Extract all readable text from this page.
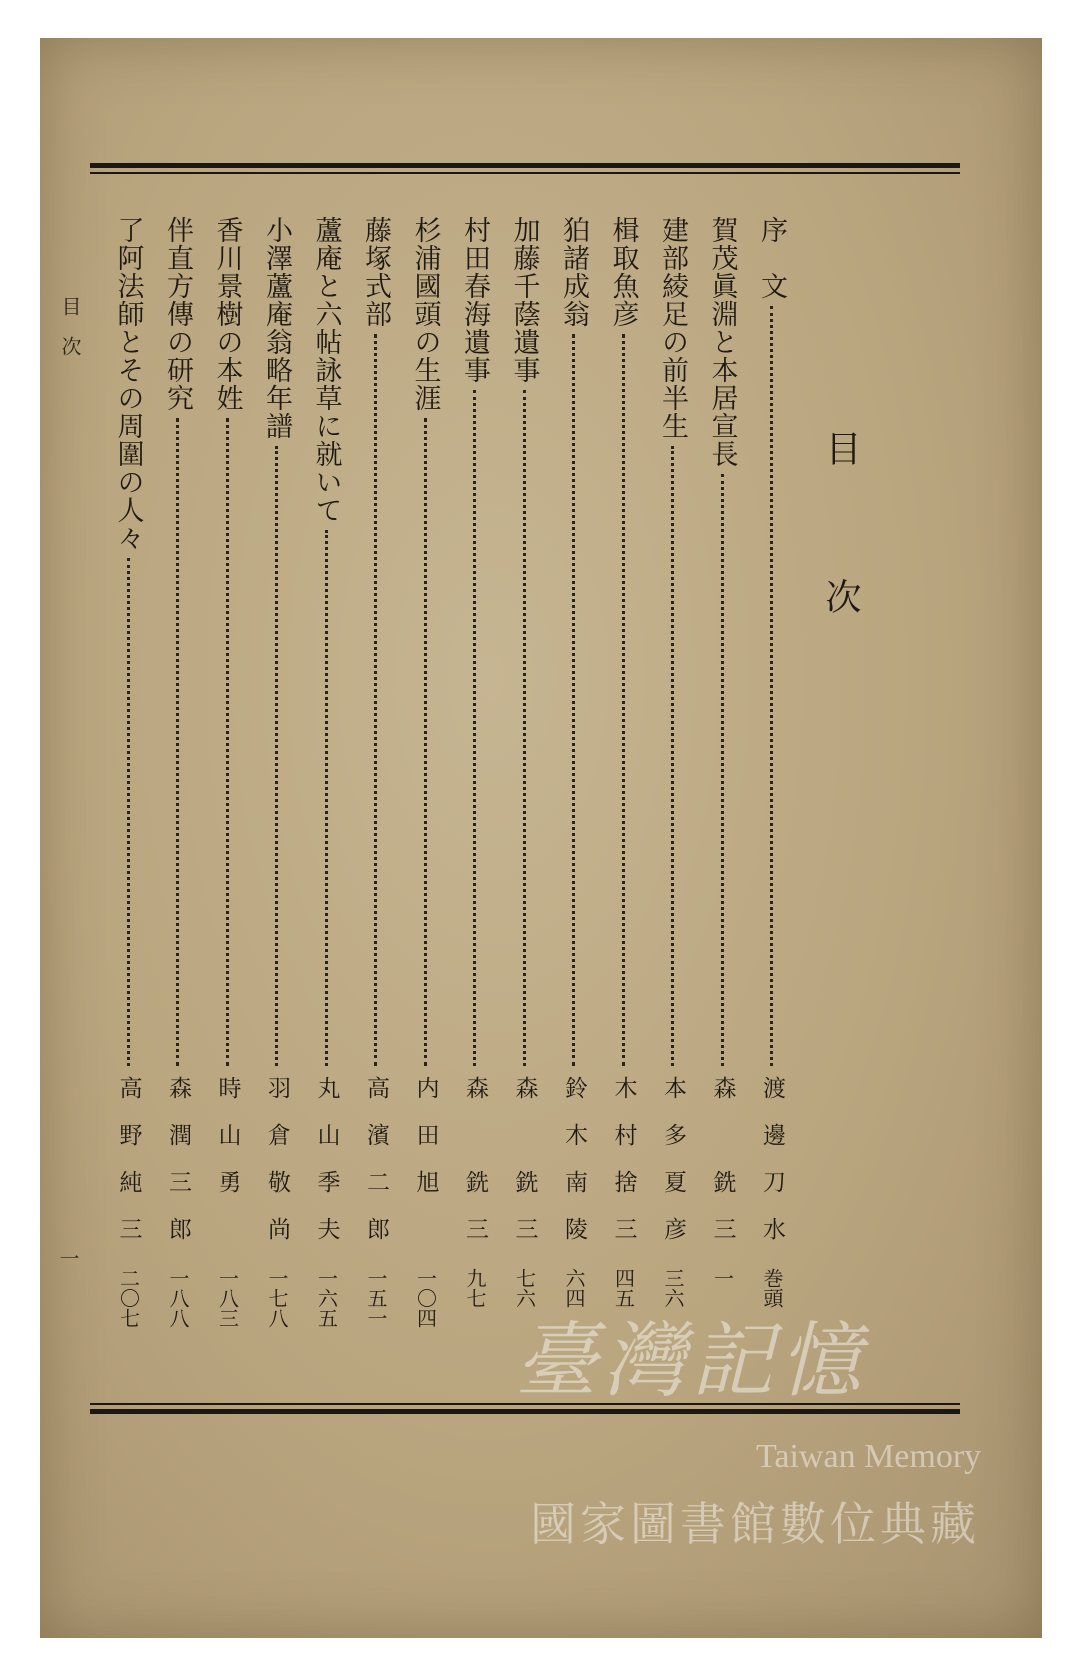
目
次
序　文
渡邊刀水
巻頭
賀茂眞淵と本居宣長
森　銑三
一
建部綾足の前半生
本多夏彦
三六
楫取魚彦
木村捨三
四五
狛諸成翁
鈴木南陵
六四
加藤千蔭遺事
森　銑三
七六
村田春海遺事
森　銑三
九七
杉浦國頭の生涯
内田旭
一〇四
藤塚式部
高濱二郎
一五一
蘆庵と六帖詠草に就いて
丸山季夫
一六五
小澤蘆庵翁略年譜
羽倉敬尚
一七八
香川景樹の本姓
時山勇
一八三
伴直方傳の研究
森潤三郎
一八八
了阿法師とその周圍の人々
高野純三
二〇七
目　次
一
臺灣記憶
Taiwan Memory
國家圖書館數位典藏
